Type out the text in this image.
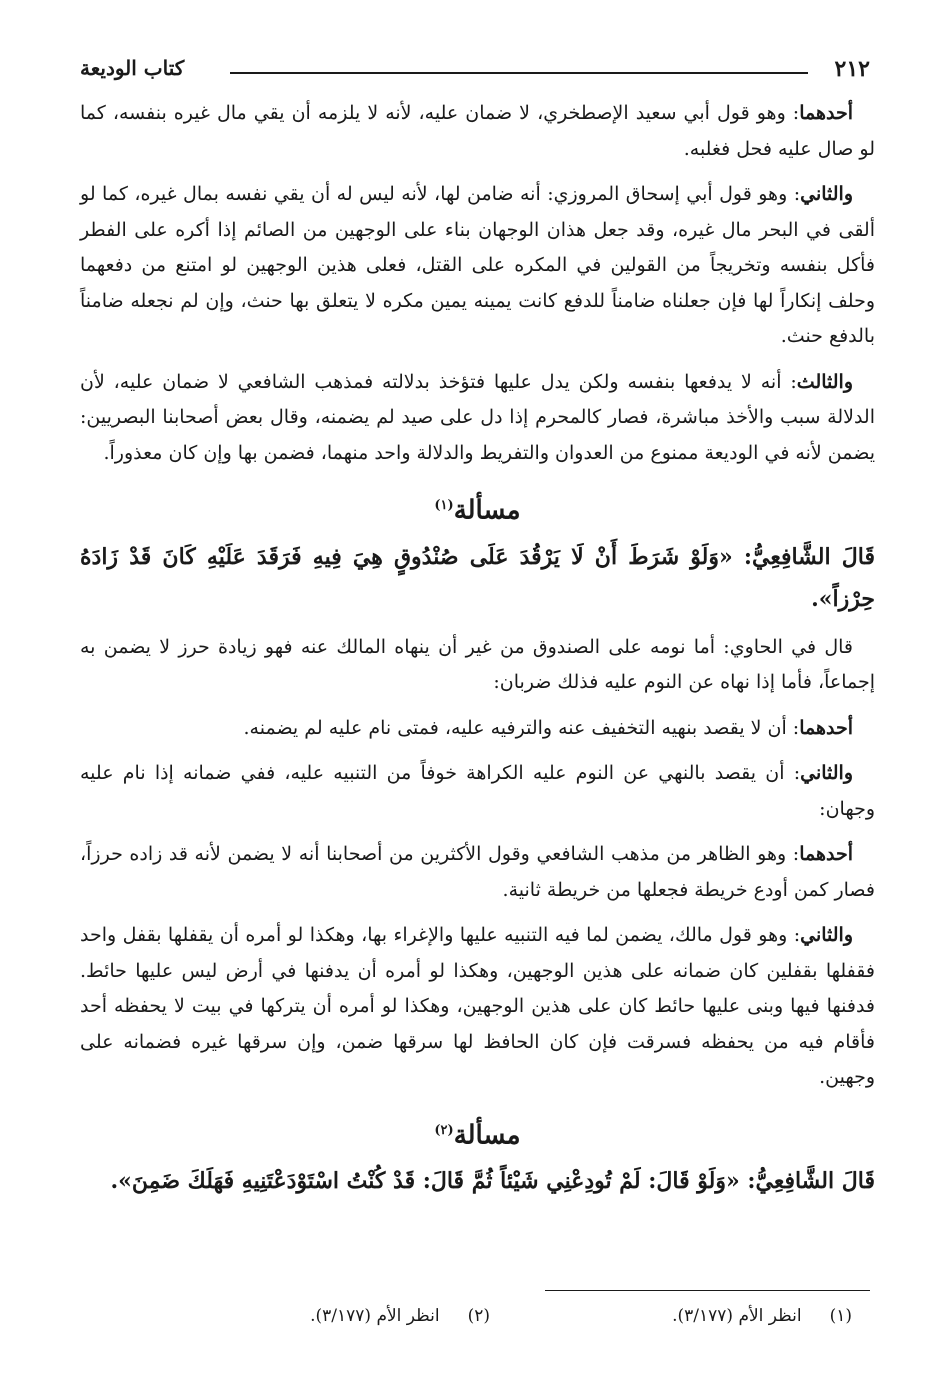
٢١٢
كتاب الوديعة

أحدهما: وهو قول أبي سعيد الإصطخري، لا ضمان عليه، لأنه لا يلزمه أن يقي مال غيره بنفسه، كما لو صال عليه فحل فغلبه.

والثاني: وهو قول أبي إسحاق المروزي: أنه ضامن لها، لأنه ليس له أن يقي نفسه بمال غيره، كما لو ألقى في البحر مال غيره، وقد جعل هذان الوجهان بناء على الوجهين من الصائم إذا أكره على الفطر فأكل بنفسه وتخريجاً من القولين في المكره على القتل، فعلى هذين الوجهين لو امتنع من دفعهما وحلف إنكاراً لها فإن جعلناه ضامناً للدفع كانت يمينه يمين مكره لا يتعلق بها حنث، وإن لم نجعله ضامناً بالدفع حنث.

والثالث: أنه لا يدفعها بنفسه ولكن يدل عليها فتؤخذ بدلالته فمذهب الشافعي لا ضمان عليه، لأن الدلالة سبب والأخذ مباشرة، فصار كالمحرم إذا دل على صيد لم يضمنه، وقال بعض أصحابنا البصريين: يضمن لأنه في الوديعة ممنوع من العدوان والتفريط والدلالة واحد منهما، فضمن بها وإن كان معذوراً.

مسألة$^{(١)}$

قَالَ الشَّافِعِيُّ: «وَلَوْ شَرَطَ أَنْ لَا يَرْقُدَ عَلَى صُنْدُوقٍ هِيَ فِيهِ فَرَقَدَ عَلَيْهِ كَانَ قَدْ زَادَهُ حِرْزاً».

قال في الحاوي: أما نومه على الصندوق من غير أن ينهاه المالك عنه فهو زيادة حرز لا يضمن به إجماعاً، فأما إذا نهاه عن النوم عليه فذلك ضربان:

أحدهما: أن لا يقصد بنهيه التخفيف عنه والترفيه عليه، فمتى نام عليه لم يضمنه.

والثاني: أن يقصد بالنهي عن النوم عليه الكراهة خوفاً من التنبيه عليه، ففي ضمانه إذا نام عليه وجهان:

أحدهما: وهو الظاهر من مذهب الشافعي وقول الأكثرين من أصحابنا أنه لا يضمن لأنه قد زاده حرزاً، فصار كمن أودع خريطة فجعلها من خريطة ثانية.

والثاني: وهو قول مالك، يضمن لما فيه التنبيه عليها والإغراء بها، وهكذا لو أمره أن يقفلها بقفل واحد فقفلها بقفلين كان ضمانه على هذين الوجهين، وهكذا لو أمره أن يدفنها في أرض ليس عليها حائط. فدفنها فيها وبنى عليها حائط كان على هذين الوجهين، وهكذا لو أمره أن يتركها في بيت لا يحفظه أحد فأقام فيه من يحفظه فسرقت فإن كان الحافظ لها سرقها ضمن، وإن سرقها غيره فضمانه على وجهين.

مسألة$^{(٢)}$

قَالَ الشَّافِعِيُّ: «وَلَوْ قَالَ: لَمْ تُودِعْنِي شَيْئاً ثُمَّ قَالَ: قَدْ كُنْتُ اسْتَوْدَعْتَنِيهِ فَهَلَكَ ضَمِنَ».

(١)انظر الأم (٣/١٧٧).
(٢)انظر الأم (٣/١٧٧).
